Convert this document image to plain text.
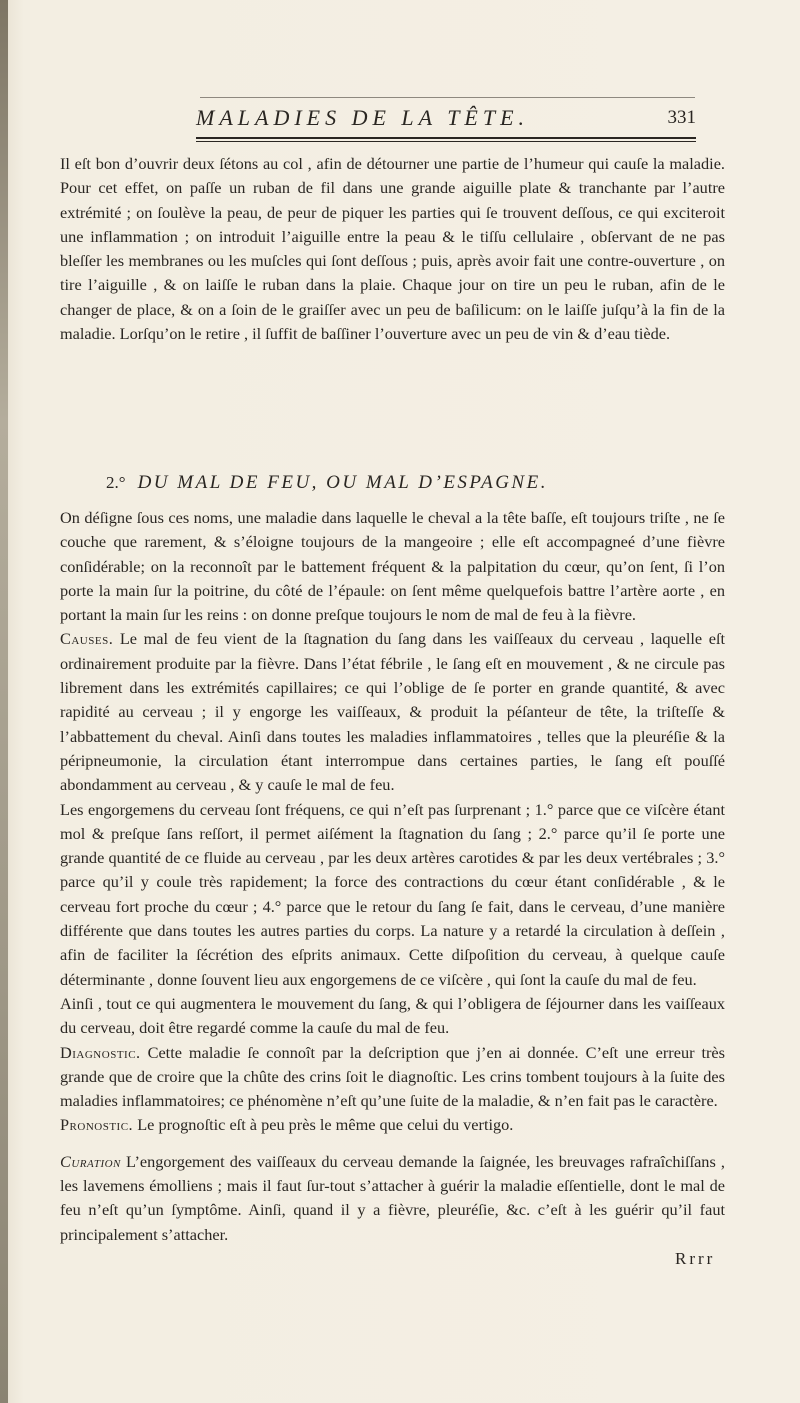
MALADIES DE LA TÊTE.	331

Il eſt bon d’ouvrir deux ſétons au col , afin de détourner une partie de l’humeur qui cauſe la maladie. Pour cet effet, on paſſe un ruban de fil dans une grande aiguille plate & tranchante par l’autre extrémité ; on ſoulève la peau, de peur de piquer les parties qui ſe trouvent deſſous, ce qui exciteroit une inflammation ; on introduit l’aiguille entre la peau & le tiſſu cellulaire , obſervant de ne pas bleſſer les membranes ou les muſcles qui ſont deſſous ; puis, après avoir fait une contre-ouverture , on tire l’aiguille , & on laiſſe le ruban dans la plaie. Chaque jour on tire un peu le ruban, afin de le changer de place, & on a ſoin de le graiſſer avec un peu de baſilicum: on le laiſſe juſqu’à la fin de la maladie. Lorſqu’on le retire , il ſuffit de baſſiner l’ouverture avec un peu de vin & d’eau tiède.

2.° DU MAL DE FEU, OU MAL D’ESPAGNE.

On déſigne ſous ces noms, une maladie dans laquelle le cheval a la tête baſſe, eſt toujours triſte , ne ſe couche que rarement, & s’éloigne toujours de la mangeoire ; elle eſt accompagneé d’une fièvre conſidérable; on la reconnoît par le battement fréquent & la palpitation du cœur, qu’on ſent, ſi l’on porte la main ſur la poitrine, du côté de l’épaule: on ſent même quelquefois battre l’artère aorte , en portant la main ſur les reins : on donne preſque toujours le nom de mal de feu à la fièvre.

Causes. Le mal de feu vient de la ſtagnation du ſang dans les vaiſſeaux du cerveau , laquelle eſt ordinairement produite par la fièvre. Dans l’état fébrile , le ſang eſt en mouvement , & ne circule pas librement dans les extrémités capillaires; ce qui l’oblige de ſe porter en grande quantité, & avec rapidité au cerveau ; il y engorge les vaiſſeaux, & produit la péſanteur de tête, la triſteſſe & l’abbattement du cheval. Ainſi dans toutes les maladies inflammatoires , telles que la pleuréſie & la péripneumonie, la circulation étant interrompue dans certaines parties, le ſang eſt pouſſé abondamment au cerveau , & y cauſe le mal de feu.

Les engorgemens du cerveau ſont fréquens, ce qui n’eſt pas ſurprenant ; 1.° parce que ce viſcère étant mol & preſque ſans reſſort, il permet aiſément la ſtagnation du ſang ; 2.° parce qu’il ſe porte une grande quantité de ce fluide au cerveau , par les deux artères carotides & par les deux vertébrales ; 3.° parce qu’il y coule très rapidement; la force des contractions du cœur étant conſidérable , & le cerveau fort proche du cœur ; 4.° parce que le retour du ſang ſe fait, dans le cerveau, d’une manière différente que dans toutes les autres parties du corps. La nature y a retardé la circulation à deſſein , afin de faciliter la ſécrétion des eſprits animaux. Cette diſpoſition du cerveau, à quelque cauſe déterminante , donne ſouvent lieu aux engorgemens de ce viſcère , qui ſont la cauſe du mal de feu.

Ainſi , tout ce qui augmentera le mouvement du ſang, & qui l’obligera de ſéjourner dans les vaiſſeaux du cerveau, doit être regardé comme la cauſe du mal de feu.

Diagnostic. Cette maladie ſe connoît par la deſcription que j’en ai donnée. C’eſt une erreur très grande que de croire que la chûte des crins ſoit le diagnoſtic. Les crins tombent toujours à la ſuite des maladies inflammatoires; ce phénomène n’eſt qu’une ſuite de la maladie, & n’en fait pas le caractère.

Pronostic. Le prognoſtic eſt à peu près le même que celui du vertigo.

Curation L’engorgement des vaiſſeaux du cerveau demande la ſaignée, les breuvages rafraîchiſſans , les lavemens émolliens ; mais il faut ſur-tout s’attacher à guérir la maladie eſſentielle, dont le mal de feu n’eſt qu’un ſymptôme. Ainſi, quand il y a fièvre, pleuréſie, &c. c’eſt à les guérir qu’il faut principalement s’attacher.

Rrrr
